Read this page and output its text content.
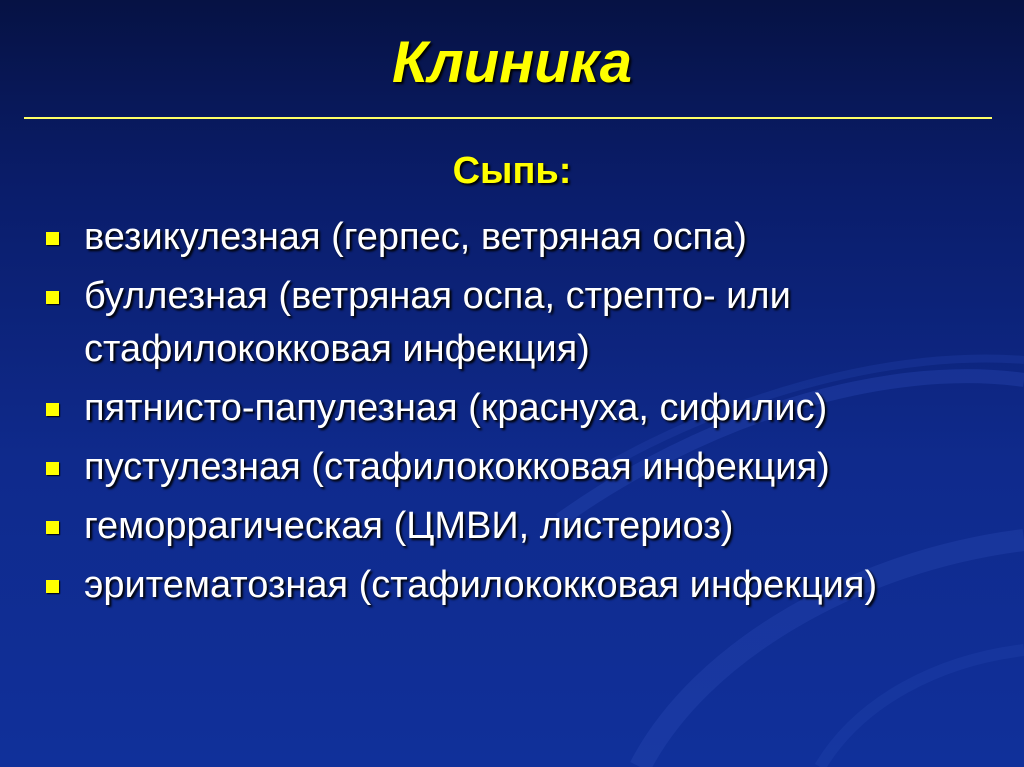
Клиника
Сыпь:
везикулезная (герпес, ветряная оспа)
буллезная (ветряная оспа, стрепто- или стафилококковая инфекция)
пятнисто-папулезная (краснуха, сифилис)
пустулезная (стафилококковая инфекция)
геморрагическая (ЦМВИ, листериоз)
эритематозная (стафилококковая инфекция)
